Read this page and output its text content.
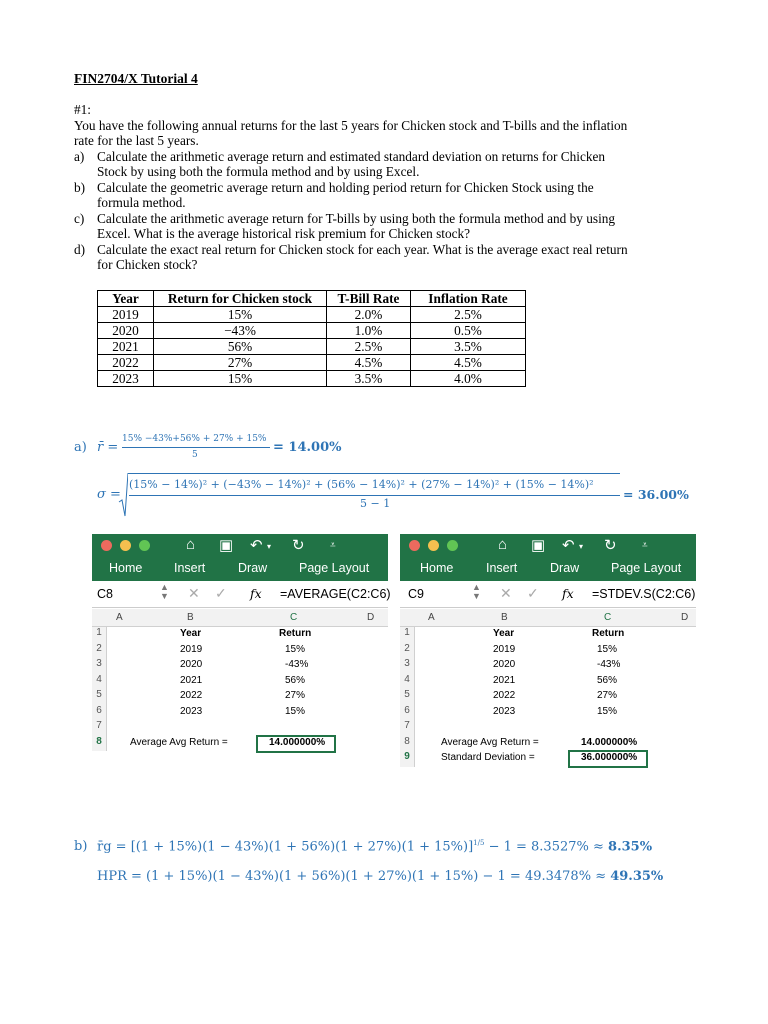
FIN2704/X Tutorial 4
#1:
You have the following annual returns for the last 5 years for Chicken stock and T-bills and the inflation
rate for the last 5 years.
a) Calculate the arithmetic average return and estimated standard deviation on returns for Chicken
Stock by using both the formula method and by using Excel.
b) Calculate the geometric average return and holding period return for Chicken Stock using the
formula method.
c) Calculate the arithmetic average return for T-bills by using both the formula method and by using
Excel. What is the average historical risk premium for Chicken stock?
d) Calculate the exact real return for Chicken stock for each year. What is the average exact real return
for Chicken stock?
Year	Return for Chicken stock	T-Bill Rate	Inflation Rate
2019	15%	2.0%	2.5%
2020	−43%	1.0%	0.5%
2021	56%	2.5%	3.5%
2022	27%	4.5%	4.5%
2023	15%	3.5%	4.0%
a) r̄ =
15% −43%+56% + 27% + 15%
5	= 14.00%
σ =
(15% − 14%)² + (−43% − 14%)² + (56% − 14%)² + (27% − 14%)² + (15% − 14%)²
5 − 1
= 36.00%
⌂ ▣ ↶ ▾ ↻	⩡
Home	Insert	Draw	Page Layout
C8	▲
▼ ✕ ✓ fx =AVERAGE(C2:C6)
A	B	C	D
1	Year	Return
2	2019	15%
3	2020	-43%
4	2021	56%
5	2022	27%
6	2023	15%
7
8	Average Avg Return =	14.000000%
⌂ ▣ ↶ ▾ ↻	⩡
Home	Insert	Draw	Page Layout
C9	▲
▼ ✕ ✓ fx =STDEV.S(C2:C6)
A	B	C	D
1	Year	Return
2	2019	15%
3	2020	-43%
4	2021	56%
5	2022	27%
6	2023	15%
7
8	Average Avg Return =	14.000000%
9	Standard Deviation =	36.000000%
b) r̄g = $[(1 + 15\%)(1 - 43\%)(1 + 56\%)(1 + 27\%)(1 + 15\%)]^{1/5} - 1 = 8.3527\% \approx 8.35\%$
HPR = (1 + 15%)(1 − 43%)(1 + 56%)(1 + 27%)(1 + 15%) − 1 = 49.3478% ≈ 49.35%
